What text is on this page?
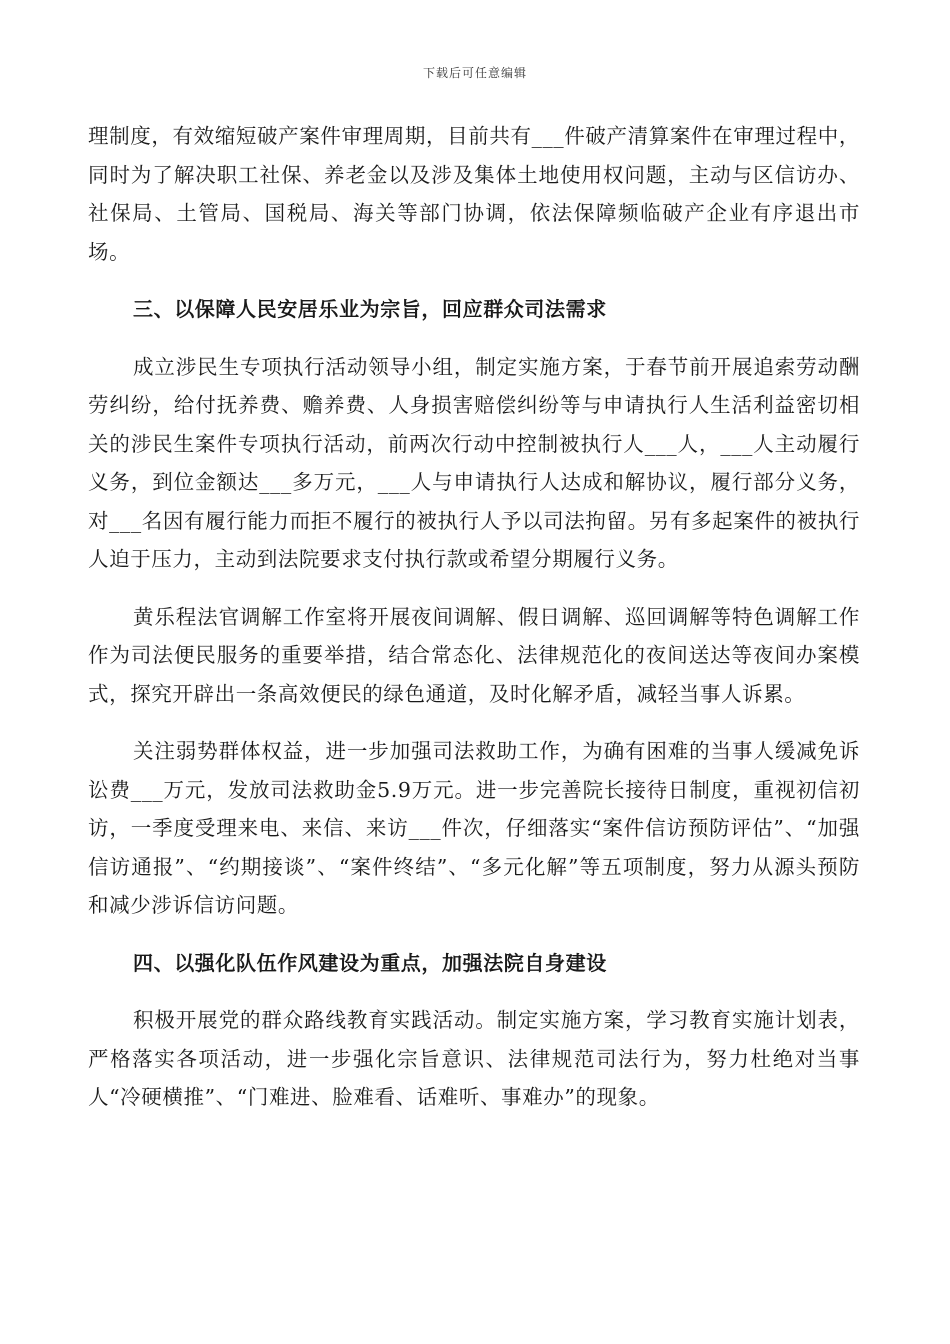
下载后可任意编辑

理制度，有效缩短破产案件审理周期，目前共有___件破产清算案件在审理过程中，同时为了解决职工社保、养老金以及涉及集体土地使用权问题，主动与区信访办、社保局、土管局、国税局、海关等部门协调，依法保障频临破产企业有序退出市场。

三、以保障人民安居乐业为宗旨，回应群众司法需求

成立涉民生专项执行活动领导小组，制定实施方案，于春节前开展追索劳动酬劳纠纷，给付抚养费、赡养费、人身损害赔偿纠纷等与申请执行人生活利益密切相关的涉民生案件专项执行活动，前两次行动中控制被执行人___人，___人主动履行义务，到位金额达___多万元，___人与申请执行人达成和解协议，履行部分义务，对___名因有履行能力而拒不履行的被执行人予以司法拘留。另有多起案件的被执行人迫于压力，主动到法院要求支付执行款或希望分期履行义务。

黄乐程法官调解工作室将开展夜间调解、假日调解、巡回调解等特色调解工作作为司法便民服务的重要举措，结合常态化、法律规范化的夜间送达等夜间办案模式，探究开辟出一条高效便民的绿色通道，及时化解矛盾，减轻当事人诉累。

关注弱势群体权益，进一步加强司法救助工作，为确有困难的当事人缓减免诉讼费___万元，发放司法救助金5.9万元。进一步完善院长接待日制度，重视初信初访，一季度受理来电、来信、来访___件次，仔细落实“案件信访预防评估”、“加强信访通报”、“约期接谈”、“案件终结”、“多元化解”等五项制度，努力从源头预防和减少涉诉信访问题。

四、以强化队伍作风建设为重点，加强法院自身建设

积极开展党的群众路线教育实践活动。制定实施方案，学习教育实施计划表，严格落实各项活动，进一步强化宗旨意识、法律规范司法行为，努力杜绝对当事人“冷硬横推”、“门难进、脸难看、话难听、事难办”的现象。
